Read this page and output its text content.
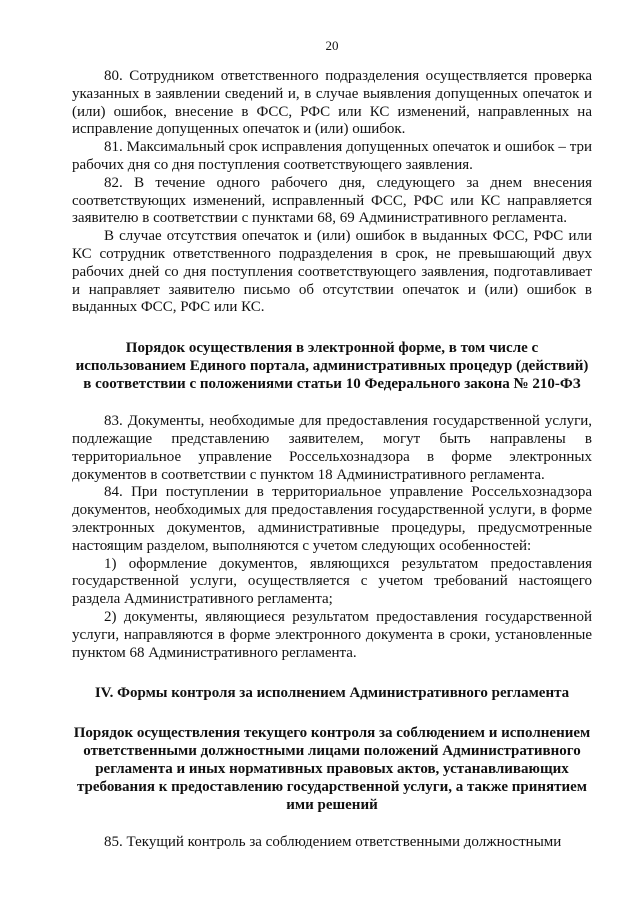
20

80. Сотрудником ответственного подразделения осуществляется проверка указанных в заявлении сведений и, в случае выявления допущенных опечаток и (или) ошибок, внесение в ФСС, РФС или КС изменений, направленных на исправление допущенных опечаток и (или) ошибок.

81. Максимальный срок исправления допущенных опечаток и ошибок – три рабочих дня со дня поступления соответствующего заявления.

82. В течение одного рабочего дня, следующего за днем внесения соответствующих изменений, исправленный ФСС, РФС или КС направляется заявителю в соответствии с пунктами 68, 69 Административного регламента.

В случае отсутствия опечаток и (или) ошибок в выданных ФСС, РФС или КС сотрудник ответственного подразделения в срок, не превышающий двух рабочих дней со дня поступления соответствующего заявления, подготавливает и направляет заявителю письмо об отсутствии опечаток и (или) ошибок в выданных ФСС, РФС или КС.

Порядок осуществления в электронной форме, в том числе с использованием Единого портала, административных процедур (действий) в соответствии с положениями статьи 10 Федерального закона № 210-ФЗ

83. Документы, необходимые для предоставления государственной услуги, подлежащие представлению заявителем, могут быть направлены в территориальное управление Россельхознадзора в форме электронных документов в соответствии с пунктом 18 Административного регламента.

84. При поступлении в территориальное управление Россельхознадзора документов, необходимых для предоставления государственной услуги, в форме электронных документов, административные процедуры, предусмотренные настоящим разделом, выполняются с учетом следующих особенностей:

1) оформление документов, являющихся результатом предоставления государственной услуги, осуществляется с учетом требований настоящего раздела Административного регламента;

2) документы, являющиеся результатом предоставления государственной услуги, направляются в форме электронного документа в сроки, установленные пунктом 68 Административного регламента.

IV. Формы контроля за исполнением Административного регламента
Порядок осуществления текущего контроля за соблюдением и исполнением ответственными должностными лицами положений Административного регламента и иных нормативных правовых актов, устанавливающих требования к предоставлению государственной услуги, а также принятием ими решений

85. Текущий контроль за соблюдением ответственными должностными
